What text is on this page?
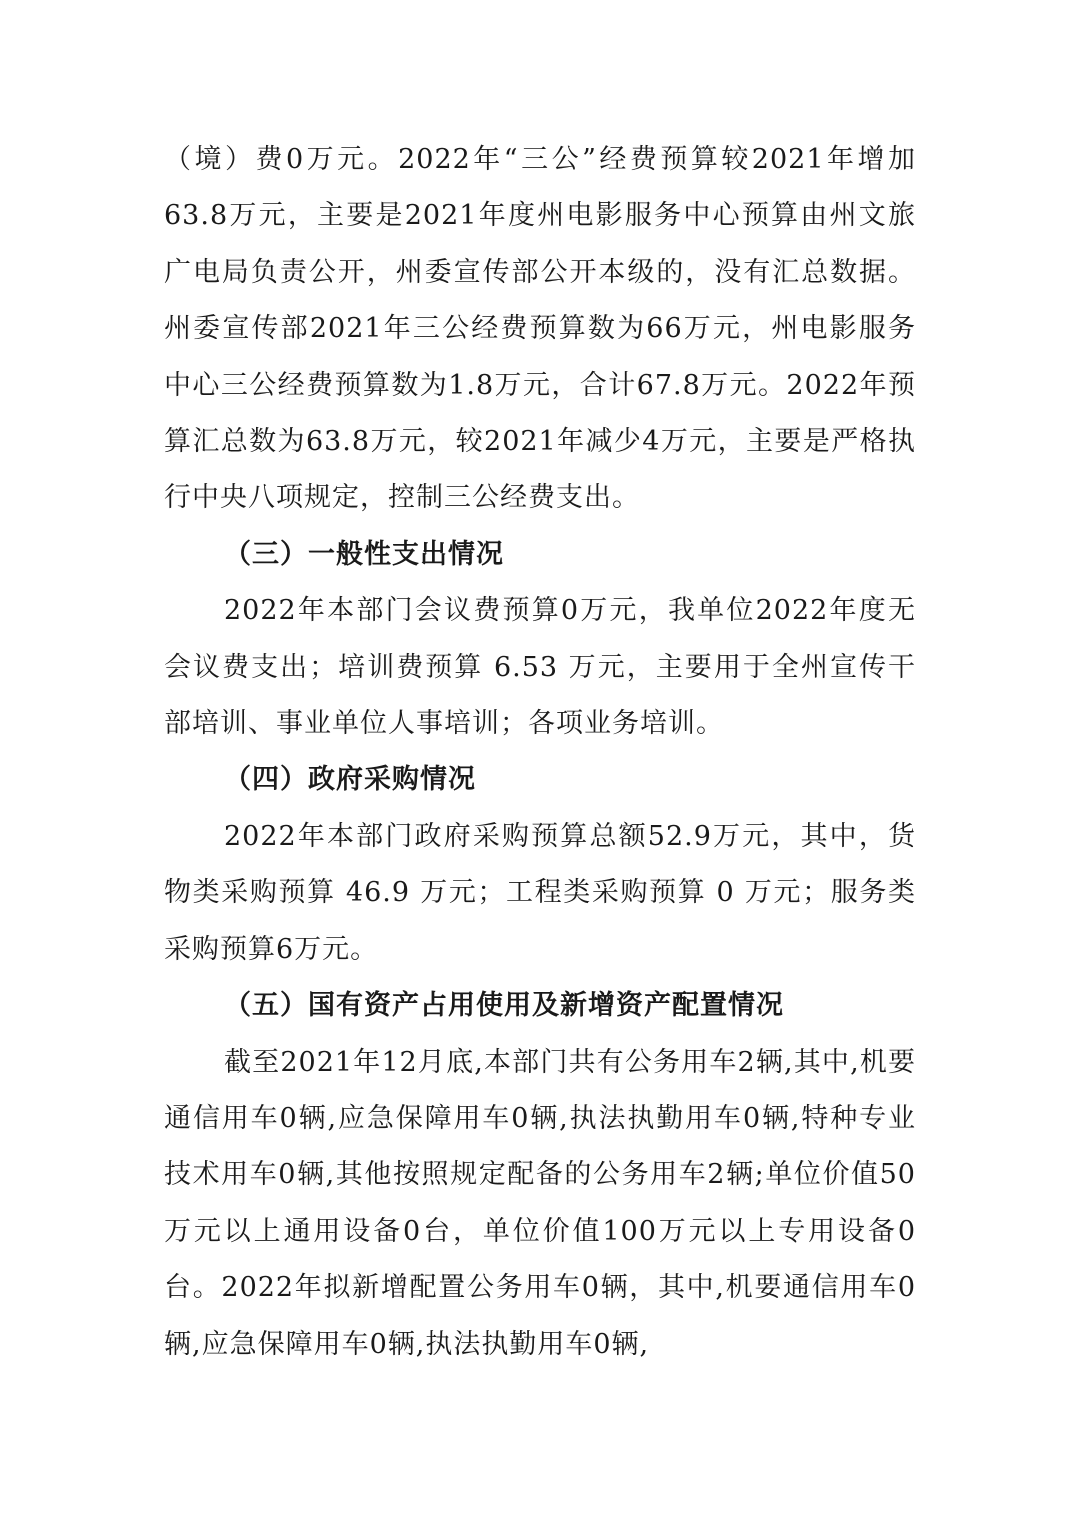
（境）费0万元。2022年“三公”经费预算较2021年增加63.8万元，主要是2021年度州电影服务中心预算由州文旅广电局负责公开，州委宣传部公开本级的，没有汇总数据。州委宣传部2021年三公经费预算数为66万元，州电影服务中心三公经费预算数为1.8万元，合计67.8万元。2022年预算汇总数为63.8万元，较2021年减少4万元，主要是严格执行中央八项规定，控制三公经费支出。

（三）一般性支出情况

2022年本部门会议费预算0万元，我单位2022年度无会议费支出；培训费预算 6.53 万元，主要用于全州宣传干部培训、事业单位人事培训；各项业务培训。

（四）政府采购情况

2022年本部门政府采购预算总额52.9万元，其中，货物类采购预算 46.9 万元；工程类采购预算 0 万元；服务类采购预算6万元。

（五）国有资产占用使用及新增资产配置情况

截至2021年12月底,本部门共有公务用车2辆,其中,机要通信用车0辆,应急保障用车0辆,执法执勤用车0辆,特种专业技术用车0辆,其他按照规定配备的公务用车2辆;单位价值50万元以上通用设备0台，单位价值100万元以上专用设备0台。2022年拟新增配置公务用车0辆，其中,机要通信用车0辆,应急保障用车0辆,执法执勤用车0辆,
